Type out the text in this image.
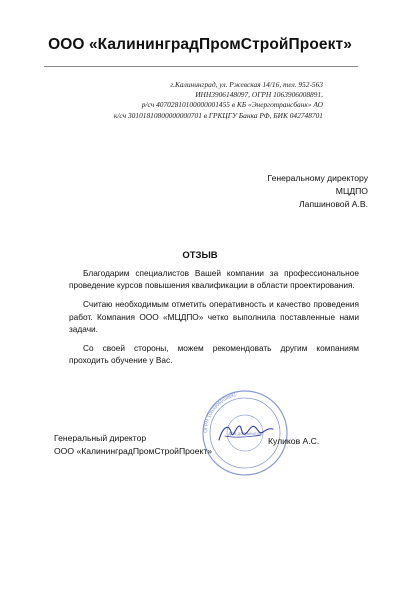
ООО «КалининградПромСтройПроект»
г.Калининград, ул. Ржевская 14/16, тел. 952-563
ИНН3906148097, ОГРН 1063906008891,
р/сч 40702810100000001455 в КБ «Энерготрансбанк» АО
к/сч 30101810800000000701 в ГРКЦГУ Банка РФ, БИК 042748701
Генеральному директору
МЦДПО
Лапшиновой А.В.
ОТЗЫВ

Благодарим специалистов Вашей компании за профессиональное проведение курсов повышения квалификации в области проектирования.

Считаю необходимым отметить оперативность и качество проведения работ. Компания ООО «МЦДПО» четко выполнила поставленные нами задачи.

Со своей стороны, можем рекомендовать другим компаниям проходить обучение у Вас.

ОГРН 1063906008891
Для документов
Генеральный директор
ООО «КалининградПромСтройПроект»
Куликов А.С.
